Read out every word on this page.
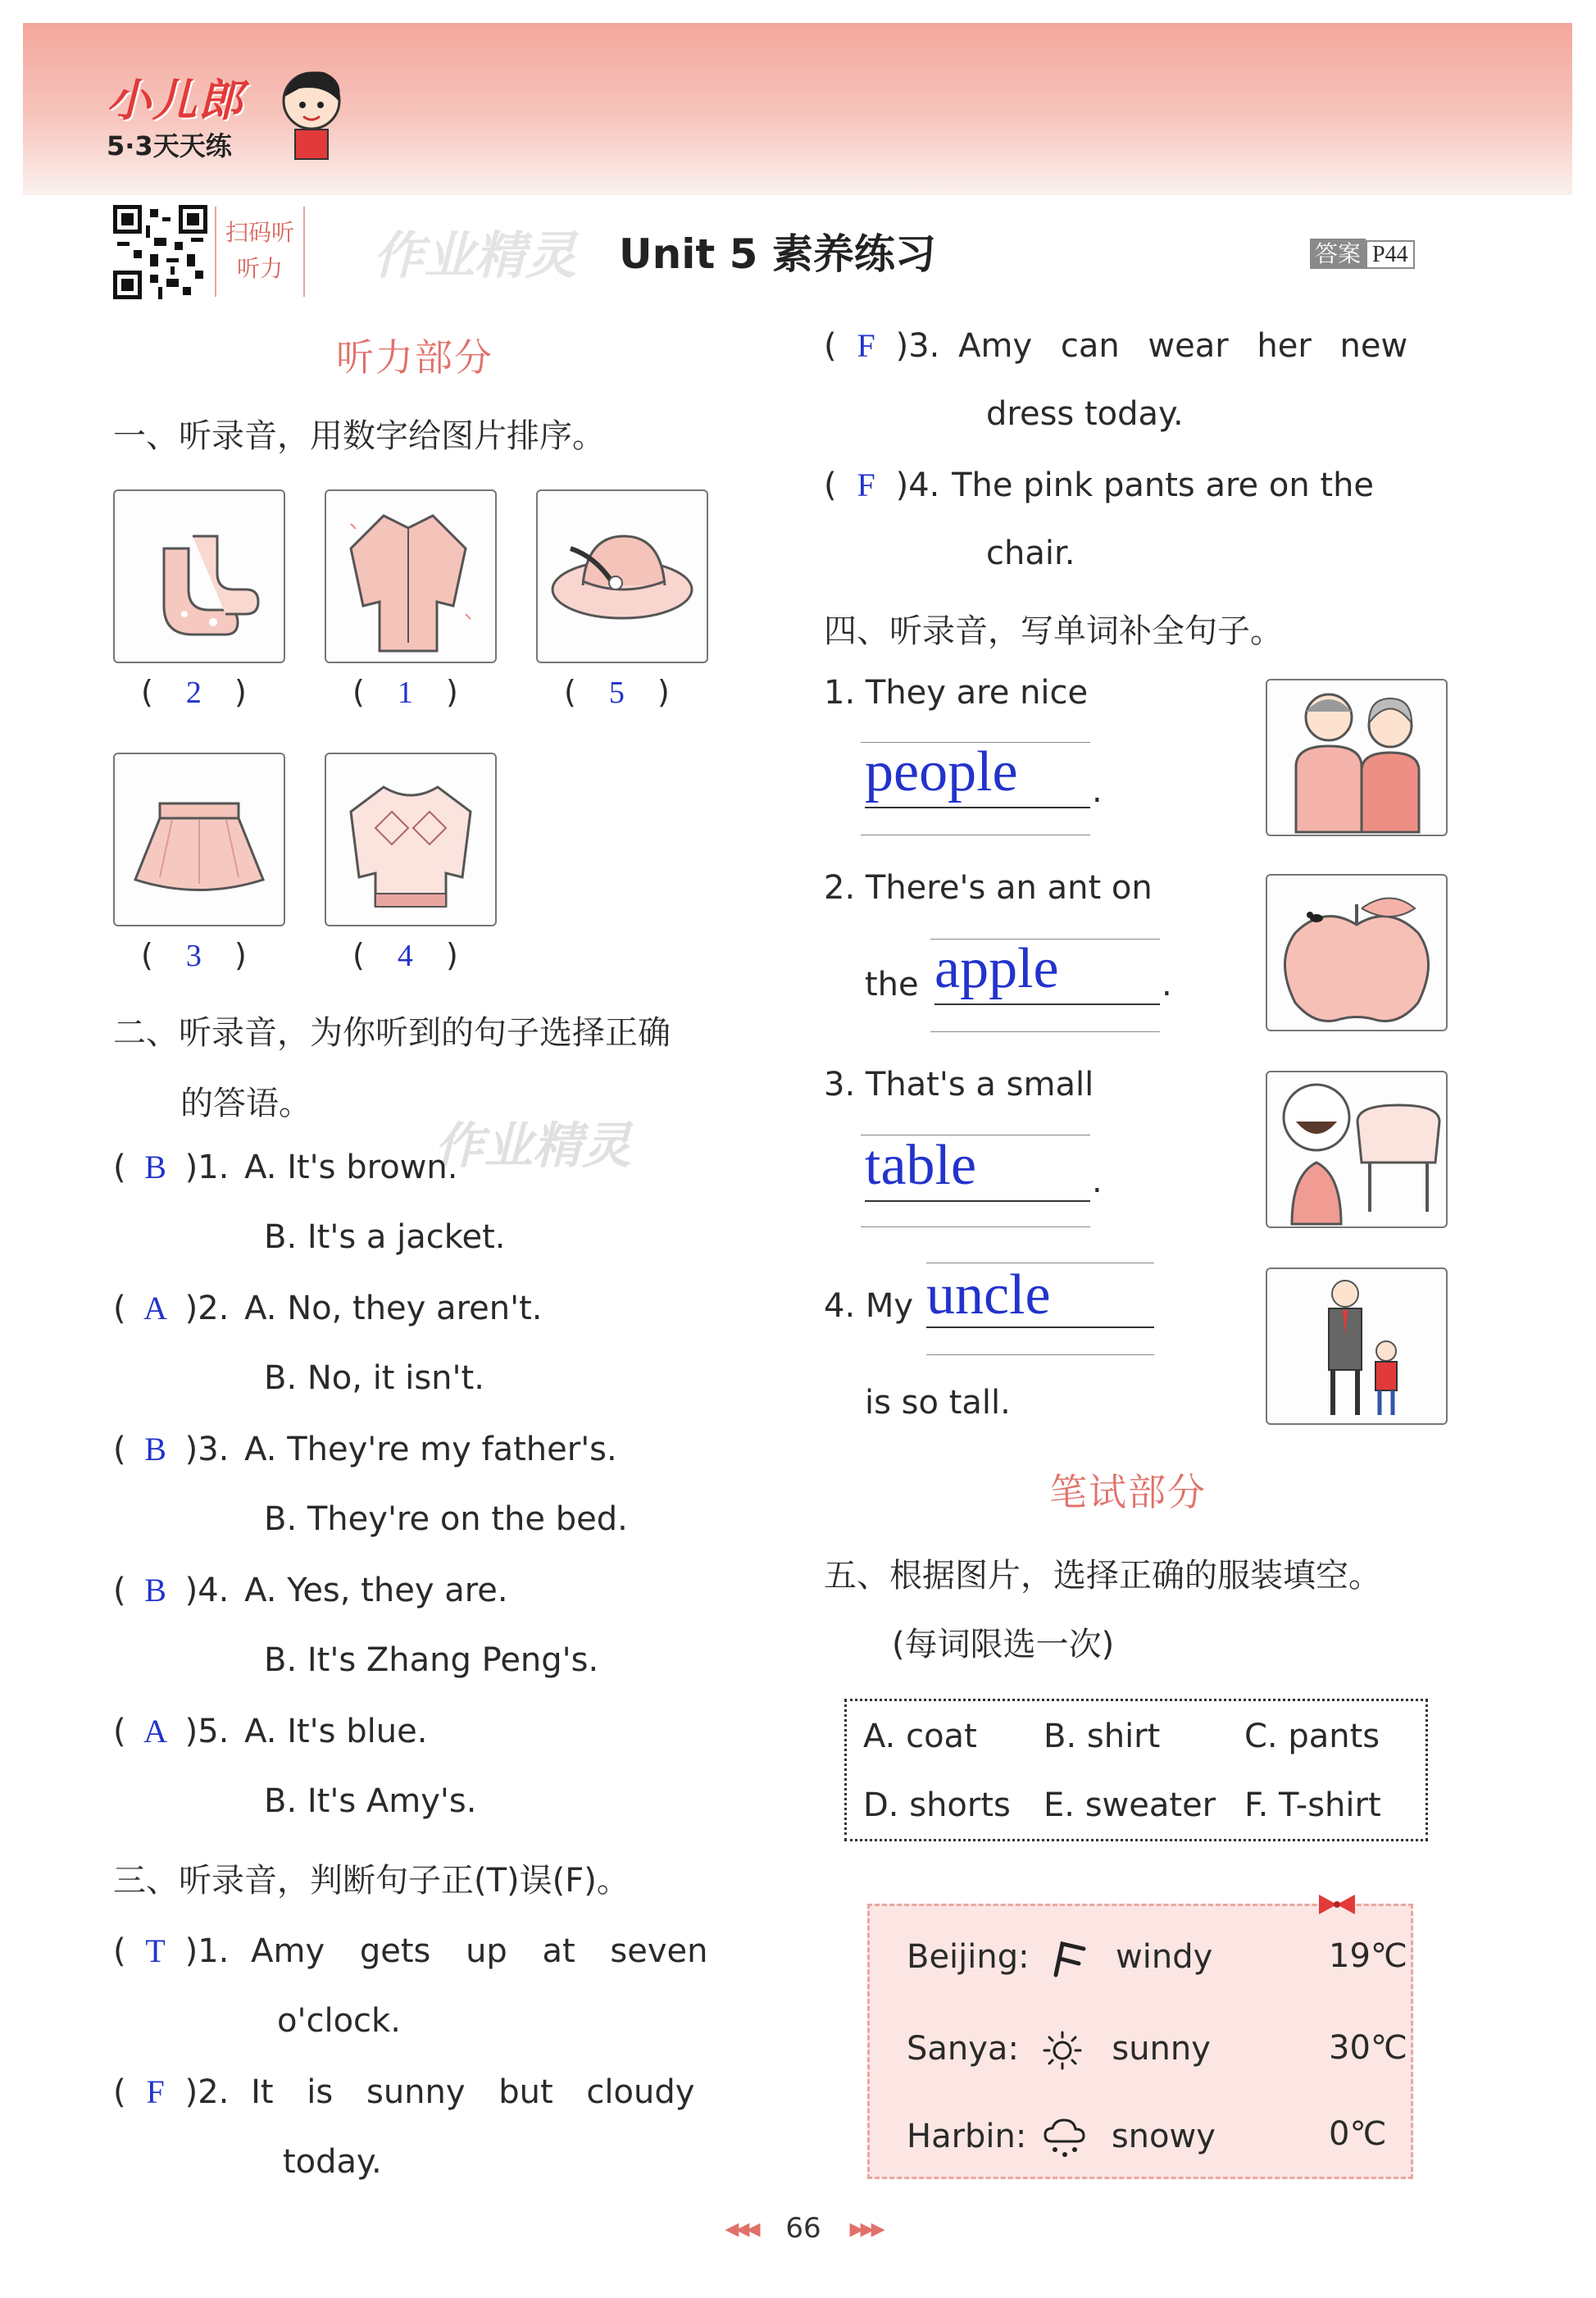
小儿郎
5·3天天练
扫码听听力	作业精灵 Unit 5 素养练习	答案 P44
听力部分
一、听录音，用数字给图片排序。
( 2 )	( 1 )	( 5 )
( 3 )	( 4 )
二、听录音，为你听到的句子选择正确
的答语。
作业精灵
( B )1. A. It's brown.
B. It's a jacket.
( A )2. A. No, they aren't.
B. No, it isn't.
( B )3. A. They're my father's.
B. They're on the bed.
( B )4. A. Yes, they are.
B. It's Zhang Peng's.
( A )5. A. It's blue.
B. It's Amy's.
三、听录音，判断句子正(T)误(F)。
( T )1. Amy gets up at seven
o'clock.
( F )2. It is sunny but cloudy
today.
( F )3. Amy can wear her new
dress today.
( F )4. The pink pants are on the
chair.
四、听录音，写单词补全句子。
1. They are nice
people	.
2. There's an ant on
the apple	.
3. That's a small
table	.
4. My uncle
is so tall.
笔试部分
五、根据图片，选择正确的服装填空。
(每词限选一次)
A. coat B. shirt	C. pants
D. shorts E. sweater F. T-shirt
Beijing:	windy	19℃
Sanya:	sunny	30℃
Harbin:	snowy	0℃
◂◂◂ 66 ▸▸▸
